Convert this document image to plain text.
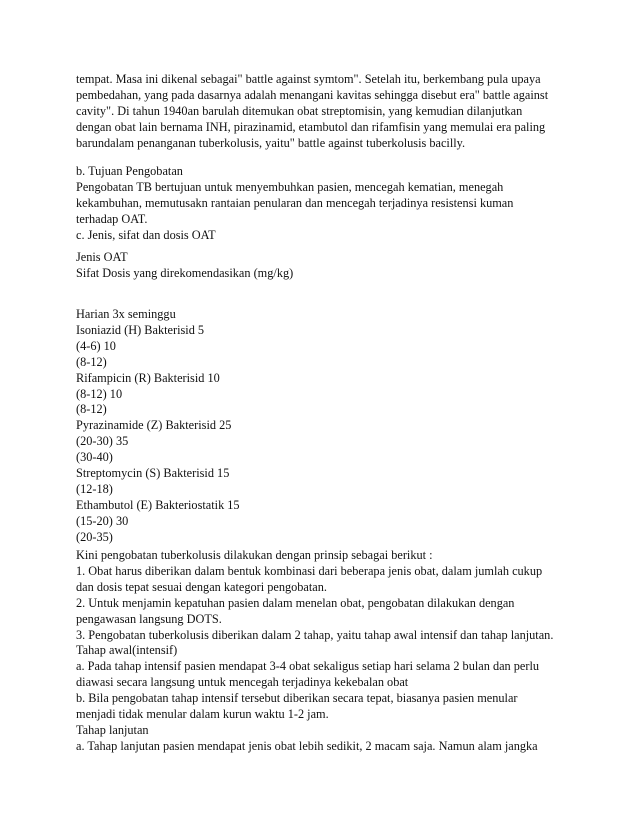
tempat. Masa ini dikenal sebagai" battle against symtom". Setelah itu, berkembang pula upaya
pembedahan, yang pada dasarnya adalah menangani kavitas sehingga disebut era" battle against
cavity". Di tahun 1940an barulah ditemukan obat streptomisin, yang kemudian dilanjutkan
dengan obat lain bernama INH, pirazinamid, etambutol dan rifamfisin yang memulai era paling
barundalam penanganan tuberkolusis, yaitu" battle against tuberkolusis bacilly.
b. Tujuan Pengobatan
Pengobatan TB bertujuan untuk menyembuhkan pasien, mencegah kematian, menegah
kekambuhan, memutusakn rantaian penularan dan mencegah terjadinya resistensi kuman
terhadap OAT.
c. Jenis, sifat dan dosis OAT
Jenis OAT
Sifat Dosis yang direkomendasikan (mg/kg)
Harian 3x seminggu
Isoniazid (H) Bakterisid 5
(4-6) 10
(8-12)
Rifampicin (R) Bakterisid 10
(8-12) 10
(8-12)
Pyrazinamide (Z) Bakterisid 25
(20-30) 35
(30-40)
Streptomycin (S) Bakterisid 15
(12-18)
Ethambutol (E) Bakteriostatik 15
(15-20) 30
(20-35)
Kini pengobatan tuberkolusis dilakukan dengan prinsip sebagai berikut :
1. Obat harus diberikan dalam bentuk kombinasi dari beberapa jenis obat, dalam jumlah cukup
dan dosis tepat sesuai dengan kategori pengobatan.
2. Untuk menjamin kepatuhan pasien dalam menelan obat, pengobatan dilakukan dengan
pengawasan langsung DOTS.
3. Pengobatan tuberkolusis diberikan dalam 2 tahap, yaitu tahap awal intensif dan tahap lanjutan.
Tahap awal(intensif)
a. Pada tahap intensif pasien mendapat 3-4 obat sekaligus setiap hari selama 2 bulan dan perlu
diawasi secara langsung untuk mencegah terjadinya kekebalan obat
b. Bila pengobatan tahap intensif tersebut diberikan secara tepat, biasanya pasien menular
menjadi tidak menular dalam kurun waktu 1-2 jam.
Tahap lanjutan
a. Tahap lanjutan pasien mendapat jenis obat lebih sedikit, 2 macam saja. Namun alam jangka
